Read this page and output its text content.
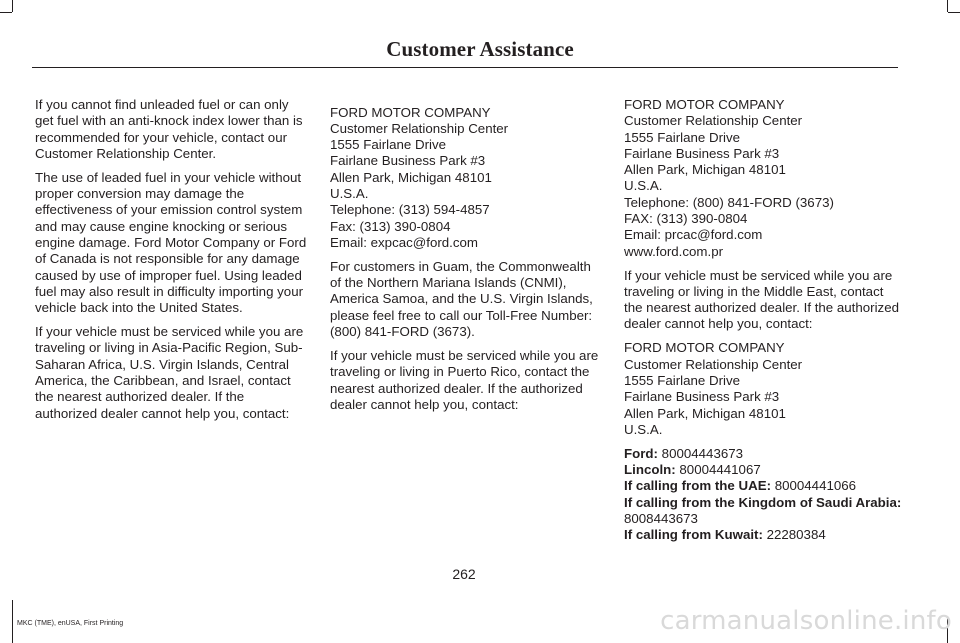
Customer Assistance

If you cannot find unleaded fuel or can only get fuel with an anti-knock index lower than is recommended for your vehicle, contact our Customer Relationship Center.

The use of leaded fuel in your vehicle without proper conversion may damage the effectiveness of your emission control system and may cause engine knocking or serious engine damage. Ford Motor Company or Ford of Canada is not responsible for any damage caused by use of improper fuel. Using leaded fuel may also result in difficulty importing your vehicle back into the United States.

If your vehicle must be serviced while you are traveling or living in Asia-Pacific Region, Sub-Saharan Africa, U.S. Virgin Islands, Central America, the Caribbean, and Israel, contact the nearest authorized dealer. If the authorized dealer cannot help you, contact:

FORD MOTOR COMPANY
Customer Relationship Center
1555 Fairlane Drive
Fairlane Business Park #3
Allen Park, Michigan 48101
U.S.A.
Telephone: (313) 594-4857
Fax: (313) 390-0804
Email: expcac@ford.com

For customers in Guam, the Commonwealth of the Northern Mariana Islands (CNMI), America Samoa, and the U.S. Virgin Islands, please feel free to call our Toll-Free Number: (800) 841-FORD (3673).

If your vehicle must be serviced while you are traveling or living in Puerto Rico, contact the nearest authorized dealer. If the authorized dealer cannot help you, contact:

FORD MOTOR COMPANY
Customer Relationship Center
1555 Fairlane Drive
Fairlane Business Park #3
Allen Park, Michigan 48101
U.S.A.
Telephone: (800) 841-FORD (3673)
FAX: (313) 390-0804
Email: prcac@ford.com
www.ford.com.pr

If your vehicle must be serviced while you are traveling or living in the Middle East, contact the nearest authorized dealer. If the authorized dealer cannot help you, contact:

FORD MOTOR COMPANY
Customer Relationship Center
1555 Fairlane Drive
Fairlane Business Park #3
Allen Park, Michigan 48101
U.S.A.
Ford: 80004443673
Lincoln: 80004441067
If calling from the UAE: 80004441066
If calling from the Kingdom of Saudi Arabia:
8008443673
If calling from Kuwait: 22280384
262
MKC (TME), enUSA, First Printing	carmanualsonline.info
